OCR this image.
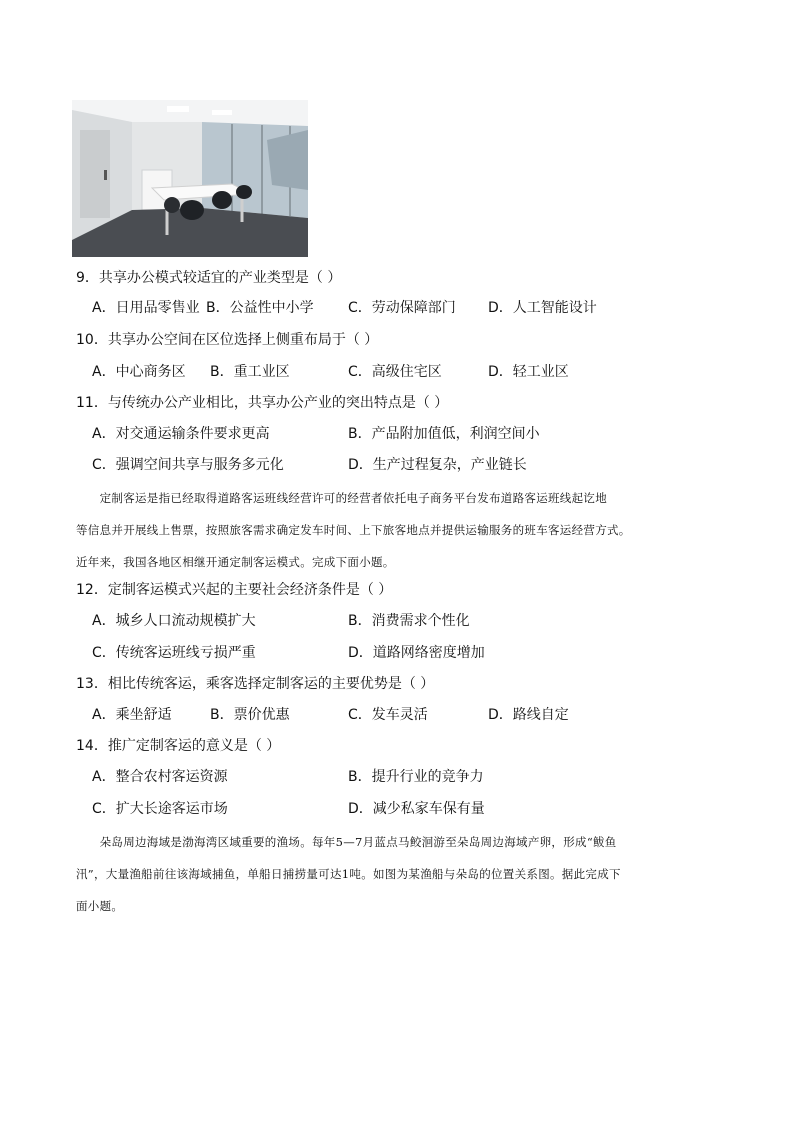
9．共享办公模式较适宜的产业类型是（ ）
A．日用品零售业 B．公益性中小学 C．劳动保障部门 D．人工智能设计
10．共享办公空间在区位选择上侧重布局于（ ）
A．中心商务区 B．重工业区	C．高级住宅区	D．轻工业区
11．与传统办公产业相比，共享办公产业的突出特点是（ ）
A．对交通运输条件要求更高	B．产品附加值低，利润空间小
C．强调空间共享与服务多元化	D．生产过程复杂，产业链长
　　定制客运是指已经取得道路客运班线经营许可的经营者依托电子商务平台发布道路客运班线起讫地
等信息并开展线上售票，按照旅客需求确定发车时间、上下旅客地点并提供运输服务的班车客运经营方式。
近年来，我国各地区相继开通定制客运模式。完成下面小题。
12．定制客运模式兴起的主要社会经济条件是（ ）
A．城乡人口流动规模扩大	B．消费需求个性化
C．传统客运班线亏损严重	D．道路网络密度增加
13．相比传统客运，乘客选择定制客运的主要优势是（ ）
A．乘坐舒适	B．票价优惠	C．发车灵活	D．路线自定
14．推广定制客运的意义是（ ）
A．整合农村客运资源	B．提升行业的竞争力
C．扩大长途客运市场	D．减少私家车保有量
　　朵岛周边海域是渤海湾区域重要的渔场。每年5—7月蓝点马鲛洄游至朵岛周边海域产卵，形成“鲅鱼
汛”，大量渔船前往该海域捕鱼，单船日捕捞量可达1吨。如图为某渔船与朵岛的位置关系图。据此完成下
面小题。
